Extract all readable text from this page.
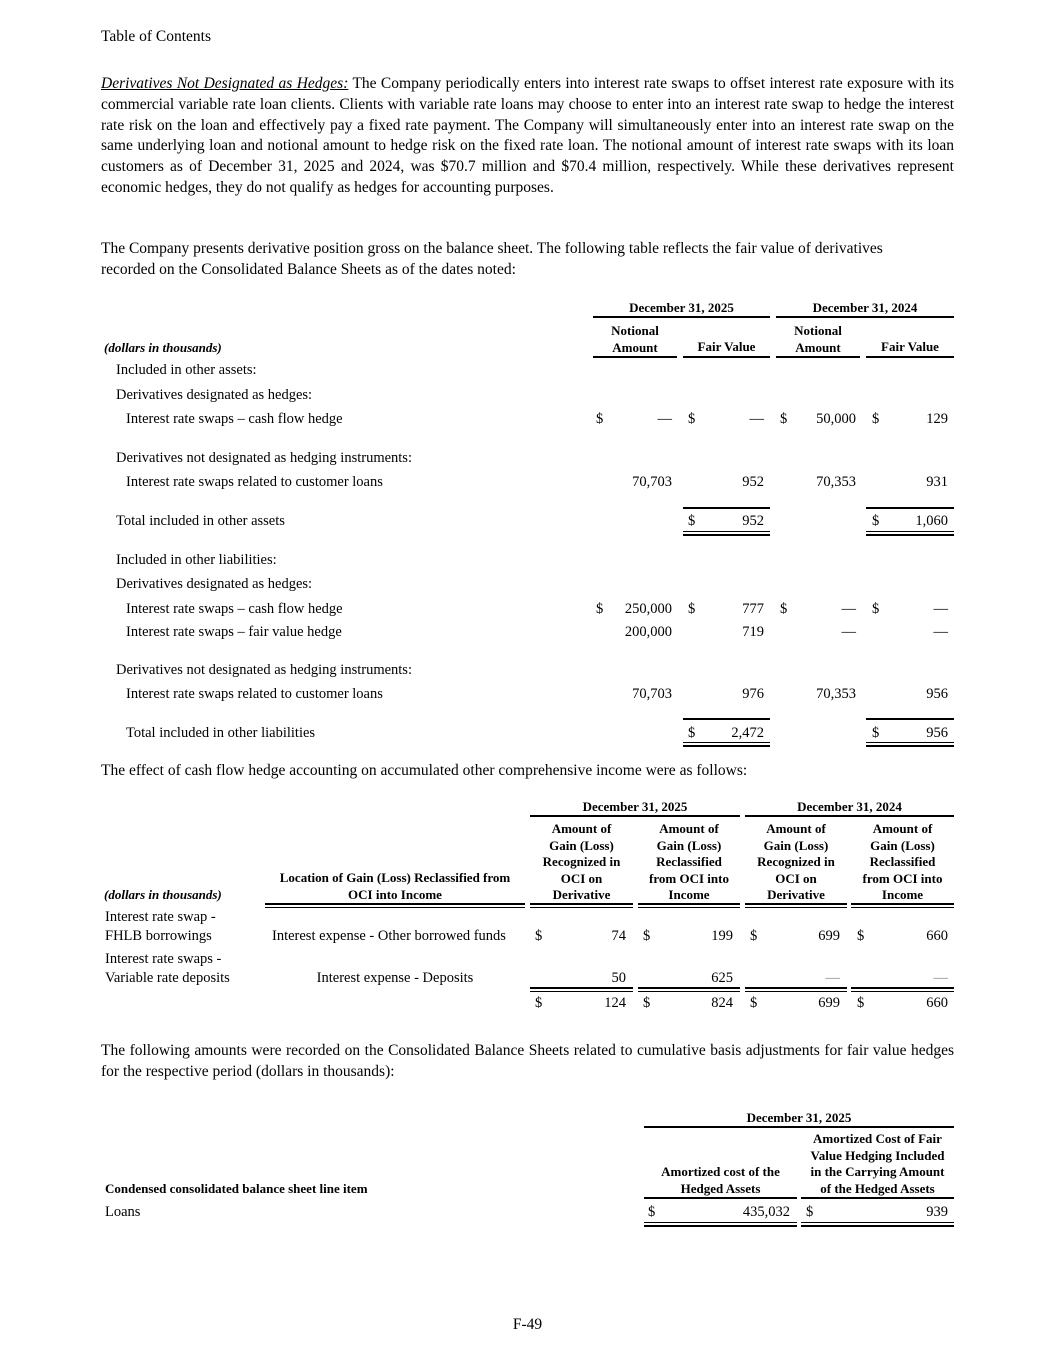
Table of Contents
Derivatives Not Designated as Hedges: The Company periodically enters into interest rate swaps to offset interest rate exposure with its commercial variable rate loan clients. Clients with variable rate loans may choose to enter into an interest rate swap to hedge the interest rate risk on the loan and effectively pay a fixed rate payment. The Company will simultaneously enter into an interest rate swap on the same underlying loan and notional amount to hedge risk on the fixed rate loan. The notional amount of interest rate swaps with its loan customers as of December 31, 2025 and 2024, was $70.7 million and $70.4 million, respectively. While these derivatives represent economic hedges, they do not qualify as hedges for accounting purposes.
The Company presents derivative position gross on the balance sheet. The following table reflects the fair value of derivatives recorded on the Consolidated Balance Sheets as of the dates noted:
December 31, 2025	December 31, 2024
Notional
Amount	Fair Value
Notional
Amount	Fair Value
(dollars in thousands)
Included in other assets:
Derivatives designated as hedges:
Interest rate swaps – cash flow hedge	$	— $	— $	50,000 $	129
Derivatives not designated as hedging instruments:
Interest rate swaps related to customer loans	70,703	952	70,353	931
Total included in other assets	$	952	$	1,060
Included in other liabilities:
Derivatives designated as hedges:
Interest rate swaps – cash flow hedge	$	250,000 $	777 $	— $	—
Interest rate swaps – fair value hedge	200,000	719	—	—
Derivatives not designated as hedging instruments:
Interest rate swaps related to customer loans	70,703	976	70,353	956
Total included in other liabilities	$	2,472	$	956
The effect of cash flow hedge accounting on accumulated other comprehensive income were as follows:
December 31, 2025	December 31, 2024
(dollars in thousands)
Location of Gain (Loss) Reclassified from
OCI into Income
Amount of
Gain (Loss)
Recognized in
OCI on
Derivative
Amount of
Gain (Loss)
Reclassified
from OCI into
Income
Amount of
Gain (Loss)
Recognized in
OCI on
Derivative
Amount of
Gain (Loss)
Reclassified
from OCI into
Income
Interest rate swap -
FHLB borrowings	Interest expense - Other borrowed funds $	74 $	199 $	699 $	660
Interest rate swaps -
Variable rate deposits	Interest expense - Deposits	50	625	—	—
$	124 $	824 $	699 $	660
The following amounts were recorded on the Consolidated Balance Sheets related to cumulative basis adjustments for fair value hedges for the respective period (dollars in thousands):
December 31, 2025
Amortized cost of the
Hedged Assets
Amortized Cost of Fair
Value Hedging Included
in the Carrying Amount
of the Hedged Assets
Condensed consolidated balance sheet line item
Loans	$	435,032 $	939
F-49
